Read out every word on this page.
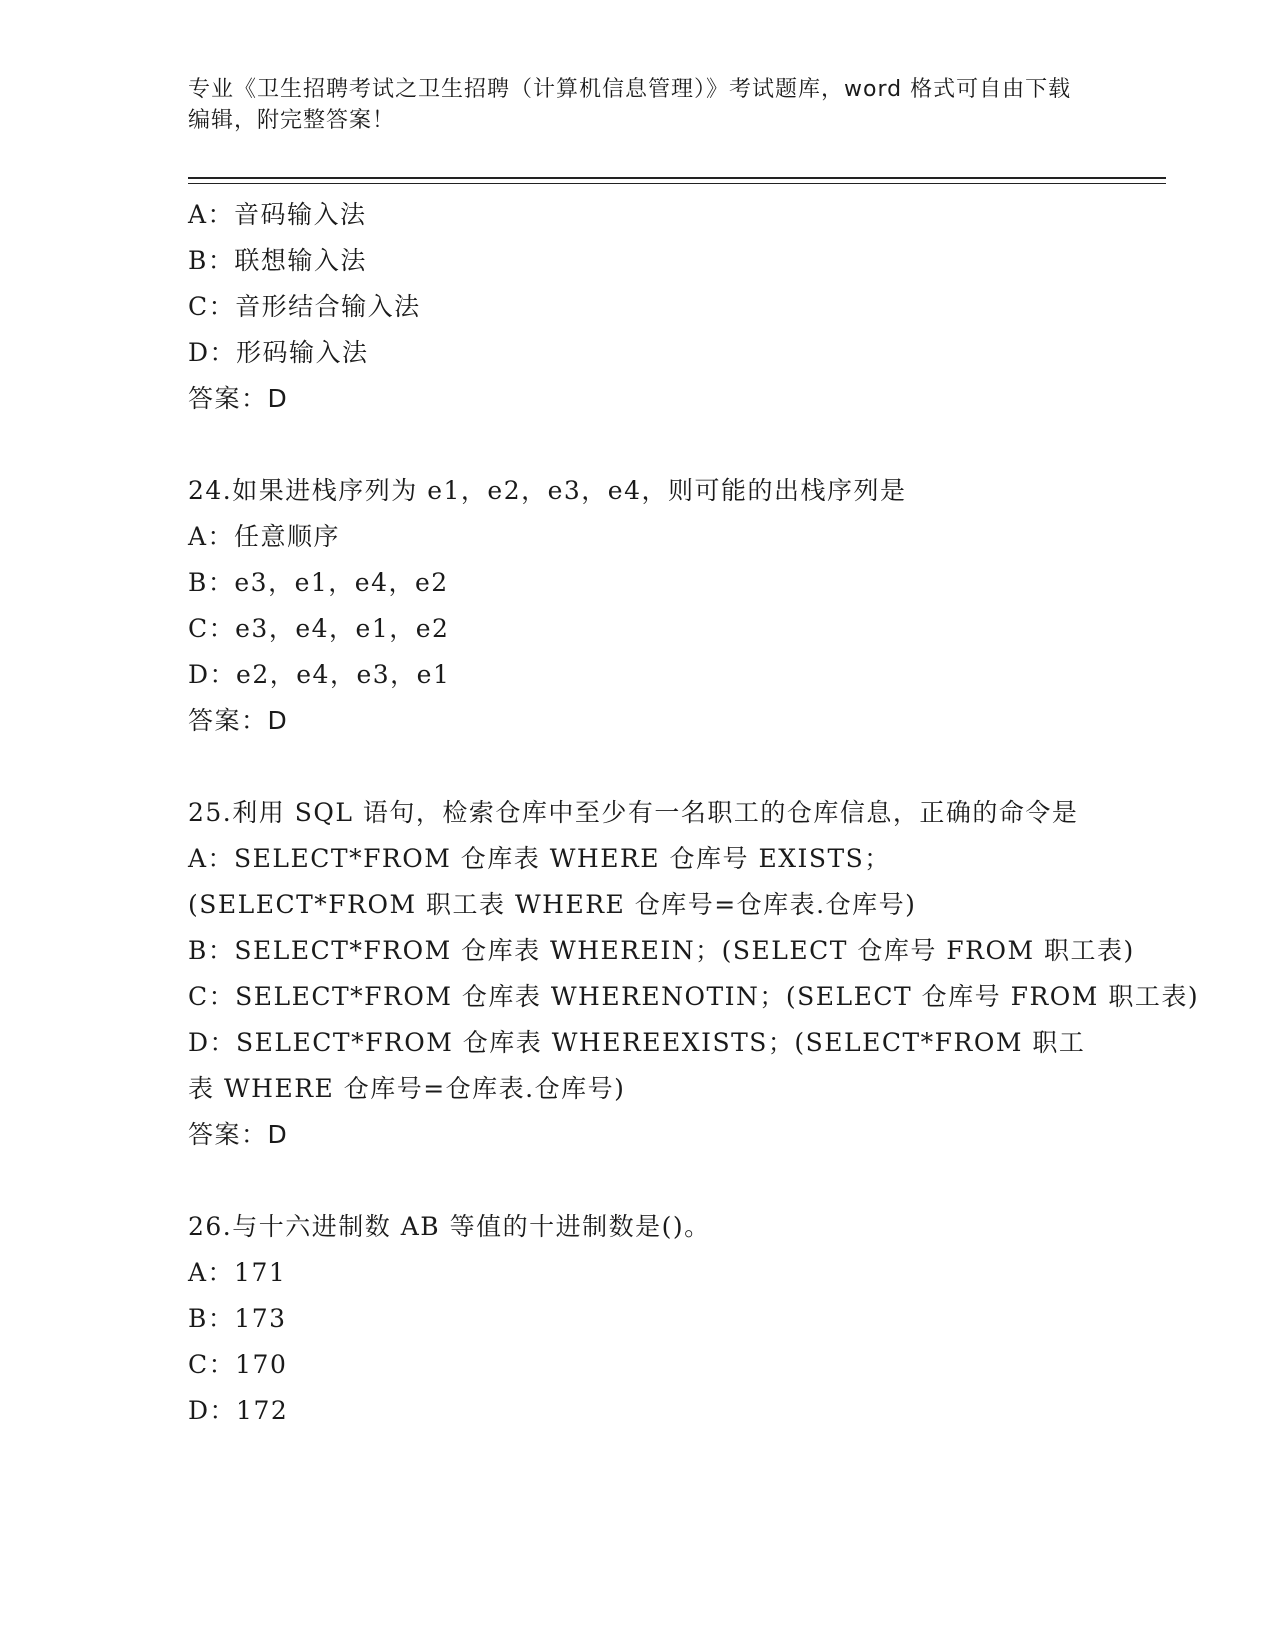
专业《卫生招聘考试之卫生招聘（计算机信息管理）》考试题库，word 格式可自由下载编辑，附完整答案！
A：音码输入法
B：联想输入法
C：音形结合输入法
D：形码输入法
答案：D
24.如果进栈序列为 e1，e2，e3，e4，则可能的出栈序列是
A：任意顺序
B：e3，e1，e4，e2
C：e3，e4，e1，e2
D：e2，e4，e3，e1
答案：D
25.利用 SQL 语句，检索仓库中至少有一名职工的仓库信息，正确的命令是
A：SELECT*FROM 仓库表 WHERE 仓库号 EXISTS；(SELECT*FROM 职工表 WHERE 仓库号=仓库表.仓库号)
B：SELECT*FROM 仓库表 WHEREIN；(SELECT 仓库号 FROM 职工表)
C：SELECT*FROM 仓库表 WHERENOTIN；(SELECT 仓库号 FROM 职工表)
D：SELECT*FROM 仓库表 WHEREEXISTS；(SELECT*FROM 职工表 WHERE 仓库号=仓库表.仓库号)
答案：D
26.与十六进制数 AB 等值的十进制数是()。
A：171
B：173
C：170
D：172
